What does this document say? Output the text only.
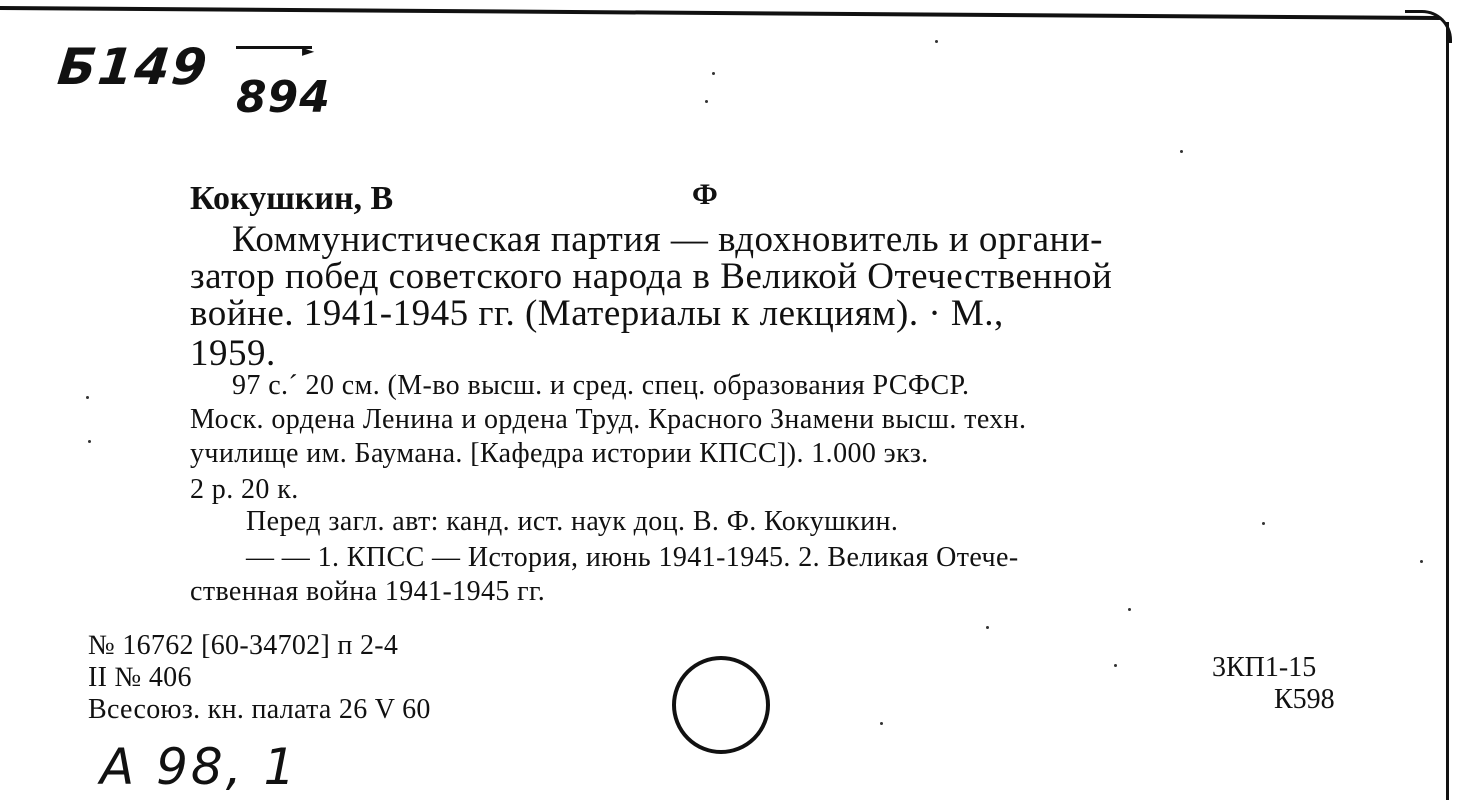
Б149	►
894
Кокушкин, В	Ф
Коммунистическая партия — вдохновитель и органи-
затор побед советского народа в Великой Отечественной
войне. 1941-1945 гг. (Материалы к лекциям). · М.,
1959.
97 с.´ 20 см. (М-во высш. и сред. спец. образования РСФСР.
Моск. ордена Ленина и ордена Труд. Красного Знамени высш. техн.
училище им. Баумана. [Кафедра истории КПСС]). 1.000 экз.
2 р. 20 к.
Перед загл. авт: канд. ист. наук доц. В. Ф. Кокушкин.
— — 1. КПСС — История, июнь 1941-1945. 2. Великая Отече-
ственная война 1941-1945 гг.
№ 16762 [60-34702] п 2-4
II № 406
Всесоюз. кн. палата 26 V 60
3КП1-15
К598
А 98, 1
